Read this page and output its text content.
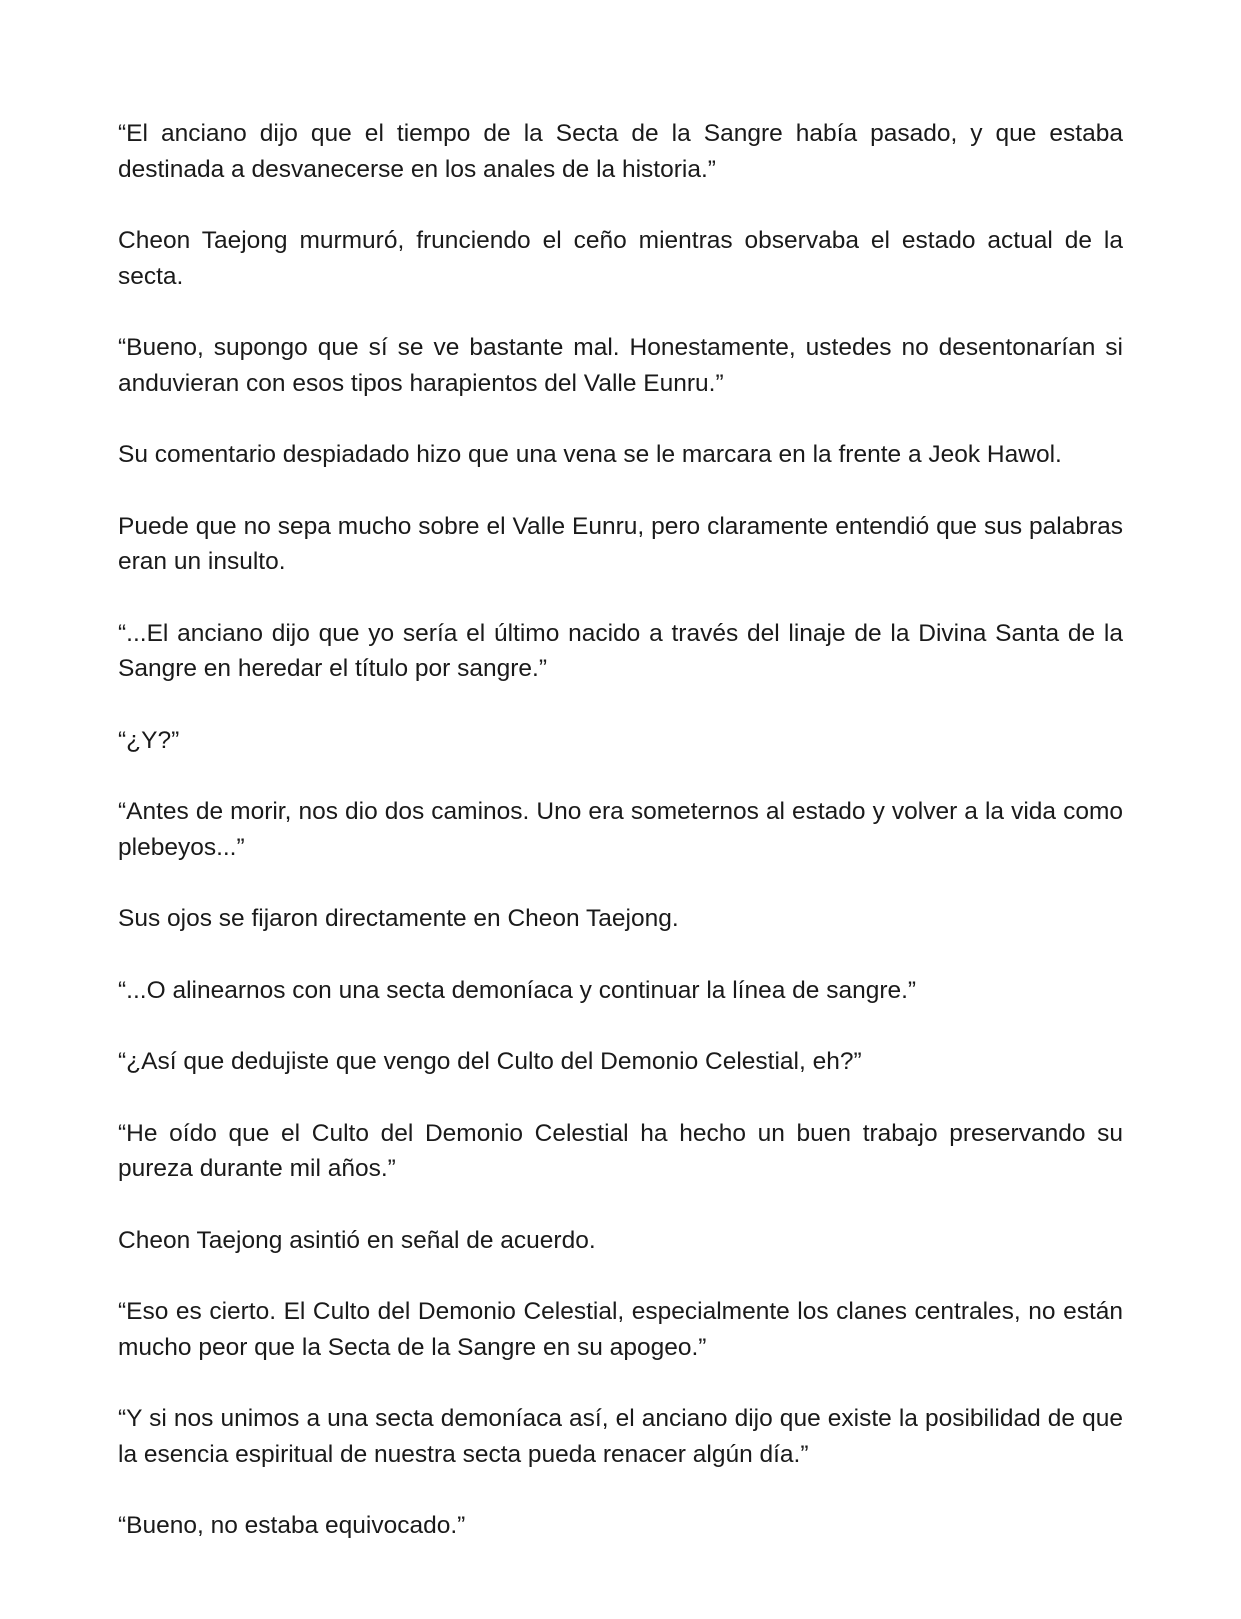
“El anciano dijo que el tiempo de la Secta de la Sangre había pasado, y que estaba destinada a desvanecerse en los anales de la historia.”

Cheon Taejong murmuró, frunciendo el ceño mientras observaba el estado actual de la secta.

“Bueno, supongo que sí se ve bastante mal. Honestamente, ustedes no desentonarían si anduvieran con esos tipos harapientos del Valle Eunru.”

Su comentario despiadado hizo que una vena se le marcara en la frente a Jeok Hawol.

Puede que no sepa mucho sobre el Valle Eunru, pero claramente entendió que sus palabras eran un insulto.

“...El anciano dijo que yo sería el último nacido a través del linaje de la Divina Santa de la Sangre en heredar el título por sangre.”

“¿Y?”

“Antes de morir, nos dio dos caminos. Uno era someternos al estado y volver a la vida como plebeyos...”

Sus ojos se fijaron directamente en Cheon Taejong.

“...O alinearnos con una secta demoníaca y continuar la línea de sangre.”

“¿Así que dedujiste que vengo del Culto del Demonio Celestial, eh?”

“He oído que el Culto del Demonio Celestial ha hecho un buen trabajo preservando su pureza durante mil años.”

Cheon Taejong asintió en señal de acuerdo.

“Eso es cierto. El Culto del Demonio Celestial, especialmente los clanes centrales, no están mucho peor que la Secta de la Sangre en su apogeo.”

“Y si nos unimos a una secta demoníaca así, el anciano dijo que existe la posibilidad de que la esencia espiritual de nuestra secta pueda renacer algún día.”

“Bueno, no estaba equivocado.”
